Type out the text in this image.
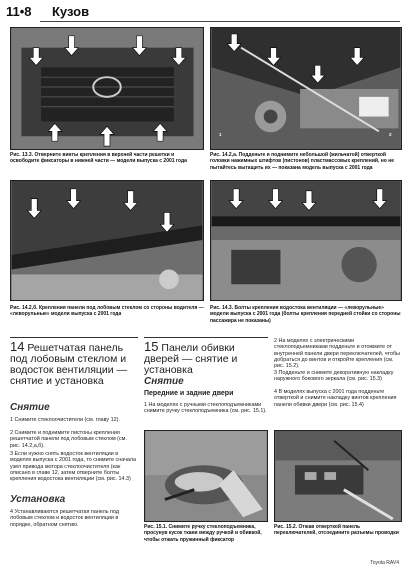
11•8 Кузов
Рис. 13.3. Отверните винты крепления в верхней части решетки и освободите фиксаторы в нижней части — модели выпуска с 2001 года
1	2
Рис. 14.2,а. Подденьте и поднимите небольшой (жильчатой) отверткой головки нажимных штифтов (пистонов) пластмассовых креплений, но не пытайтесь вытащить их — показана модель выпуска с 2001 года
Рис. 14.2,б. Крепления панели под лобовым стеклом со стороны водителя — «леворульные» модели выпуска с 2001 года
Рис. 14.3. Болты крепления водостока вентиляции — «леворульные» модели выпуска с 2001 года (болты крепления передней стойки со стороны пассажира не показаны)
14 Решетчатая панель под лобовым стеклом и водосток вентиляции — снятие и установка
Снятие
1 Снимите стеклоочистители (см. главу 12).
2 Снимите и поднимите пистоны крепления решетчатой панели под лобовым стеклом (см. рис. 14.2,а,б).
3 Если нужно снять водосток вентиляции в моделях выпуска с 2001 года, то снимите сначала узел привода мотора стеклоочистителя (как описано в главе 12, затем отверните болты крепления водостока вентиляции (см. рис. 14.3)
Установка
4 Устанавливаются решетчатая панель под лобовым стеклом и водосток вентиляции в порядке, обратном снятию.
15 Панели обивки дверей — снятие и установка
Снятие
Передние и задние двери
1 На моделях с ручными стеклоподъемниками снимите ручку стеклоподъемника (см. рис. 15.1).
2 На моделях с электрическими стеклоподъемниками подденьте и отожмите от внутренней панели двери переключателей, чтобы добраться до винтов и откройте крепления (см. рис. 15.2).
3 Подденьте и снимите декоративную накладку наружного бокового зеркала (см. рис. 15.3)
4 В моделях выпуска с 2001 года подденьте отверткой и снимите накладку винтов крепления панели обивки двери (см. рис. 15.4)
Рис. 15.1. Снимите ручку стеклоподъемника, просунув кусок ткани между ручкой и обивкой, чтобы отжать пружинный фиксатор
Рис. 15.2. Отжав отверткой панель переключателей, отсоедините разъемы проводки
Toyota RAV4
